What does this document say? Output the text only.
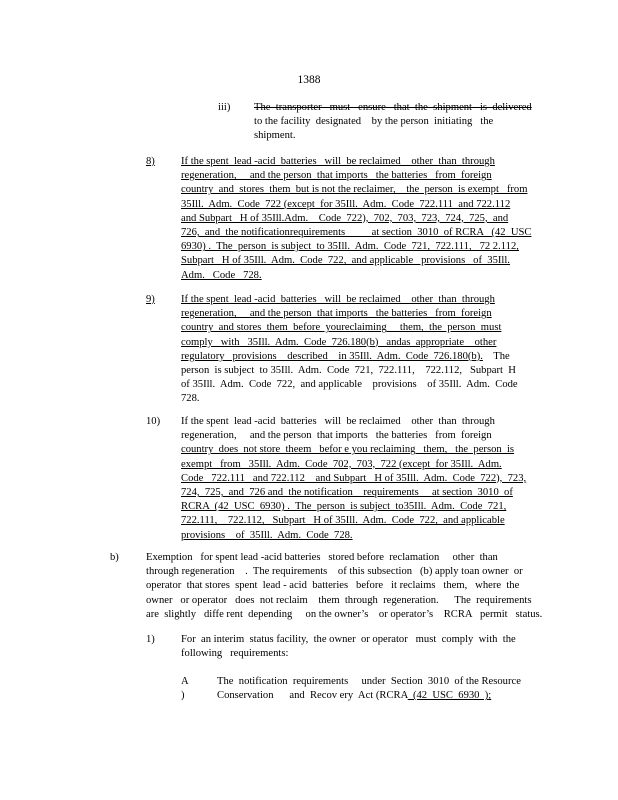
1388
iii) The  transporter   must   ensure   that  the  shipment   is  delivered
to the facility  designated    by the person  initiating   the
shipment.
8) If the spent  lead -acid  batteries   will  be reclaimed    other  than  through
regeneration,     and the person  that imports   the batteries   from  foreign
country  and  stores  them  but is not the reclaimer,    the  person  is exempt   from
35Ill.  Adm.  Code  722 (except  for 35Ill.  Adm.  Code  722.111  and 722.112
and Subpart   H of 35Ill.Adm.    Code  722),  702,  703,  723,  724,  725,  and
726,  and  the notificationrequirements          at section  3010  of RCRA   (42  USC
6930) .  The  person  is subject  to 35Ill.  Adm.  Code  721,  722.111,   72 2.112,
Subpart   H of 35Ill.  Adm.  Code  722,  and applicable   provisions   of  35Ill.
Adm.   Code   728.
9) If the spent  lead -acid  batteries   will  be reclaimed    other  than  through
regeneration,     and the person  that imports   the batteries   from  foreign
country  and stores  them  before  youreclaiming     them,  the  person  must
comply   with   35Ill.  Adm.  Code  726.180(b)   andas  appropriate    other
regulatory   provisions    described    in 35Ill.  Adm.  Code  726.180(b).    The
person  is subject  to 35Ill.  Adm.  Code  721,  722.111,    722.112,   Subpart  H
of 35Ill.  Adm.  Code  722,  and applicable    provisions    of 35Ill.  Adm.  Code
728.
10) If the spent  lead -acid  batteries   will  be reclaimed    other  than  through
regeneration,     and the person  that imports   the batteries   from  foreign
country  does  not store  theem   befor e you reclaiming   them,   the  person  is
exempt   from   35Ill.  Adm.  Code  702,  703,  722 (except  for 35Ill.  Adm.
Code   722.111   and 722.112    and Subpart   H of 35Ill.  Adm.  Code  722),  723,
724,  725,  and  726 and  the notification    requirements     at section  3010  of
RCRA  (42  USC  6930) .  The  person  is subject  to35Ill.  Adm.  Code  721,
722.111,    722.112,   Subpart   H of 35Ill.  Adm.  Code  722,  and applicable
provisions    of  35Ill.  Adm.  Code  728.
b)	Exemption   for spent lead -acid batteries   stored before  reclamation     other  than
through regeneration    .  The requirements    of this subsection   (b) apply toan owner  or
operator  that stores  spent  lead - acid  batteries   before   it reclaims   them,   where  the
owner   or operator   does  not reclaim    them  through  regeneration.      The  requirements
are  slightly   diffe rent  depending     on the owner’s    or operator’s    RCRA   permit   status.
1) For  an interim  status facility,  the owner  or operator   must  comply  with  the
following   requirements:
A )
The  notification  requirements     under  Section  3010  of the Resource
Conservation      and  Recov ery  Act (RCRA  (42  USC  6930  );
